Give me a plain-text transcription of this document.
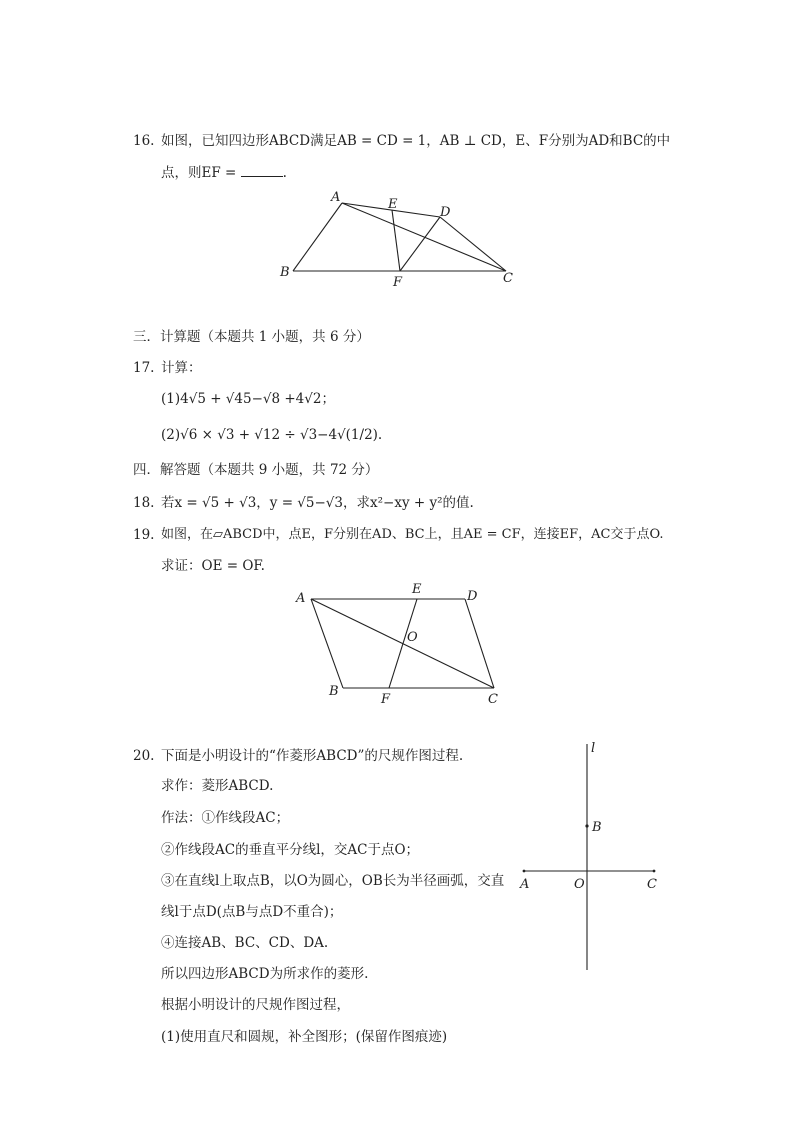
16. 如图，已知四边形ABCD满足AB = CD = 1，AB ⊥ CD，E、F分别为AD和BC的中
点，则EF =	.
A	E
D
B
F	C
A
E	D
O
B
F	C
l
B
A	O	C
三．计算题（本题共 1 小题，共 6 分）
17. 计算：
(1)4√5 + √45−√8 +4√2；
(2)√6 × √3 + √12 ÷ √3−4√(1/2).
四．解答题（本题共 9 小题，共 72 分）
18. 若x = √5 + √3，y = √5−√3，求x²−xy + y²的值.
19. 如图，在▱ABCD中，点E，F分别在AD、BC上，且AE = CF，连接EF，AC交于点O.
求证：OE = OF.
20. 下面是小明设计的“作菱形ABCD”的尺规作图过程.
求作：菱形ABCD.
作法：①作线段AC；
②作线段AC的垂直平分线l，交AC于点O；
③在直线l上取点B，以O为圆心，OB长为半径画弧，交直
线l于点D(点B与点D不重合)；
④连接AB、BC、CD、DA.
所以四边形ABCD为所求作的菱形.
根据小明设计的尺规作图过程，
(1)使用直尺和圆规，补全图形；(保留作图痕迹)
